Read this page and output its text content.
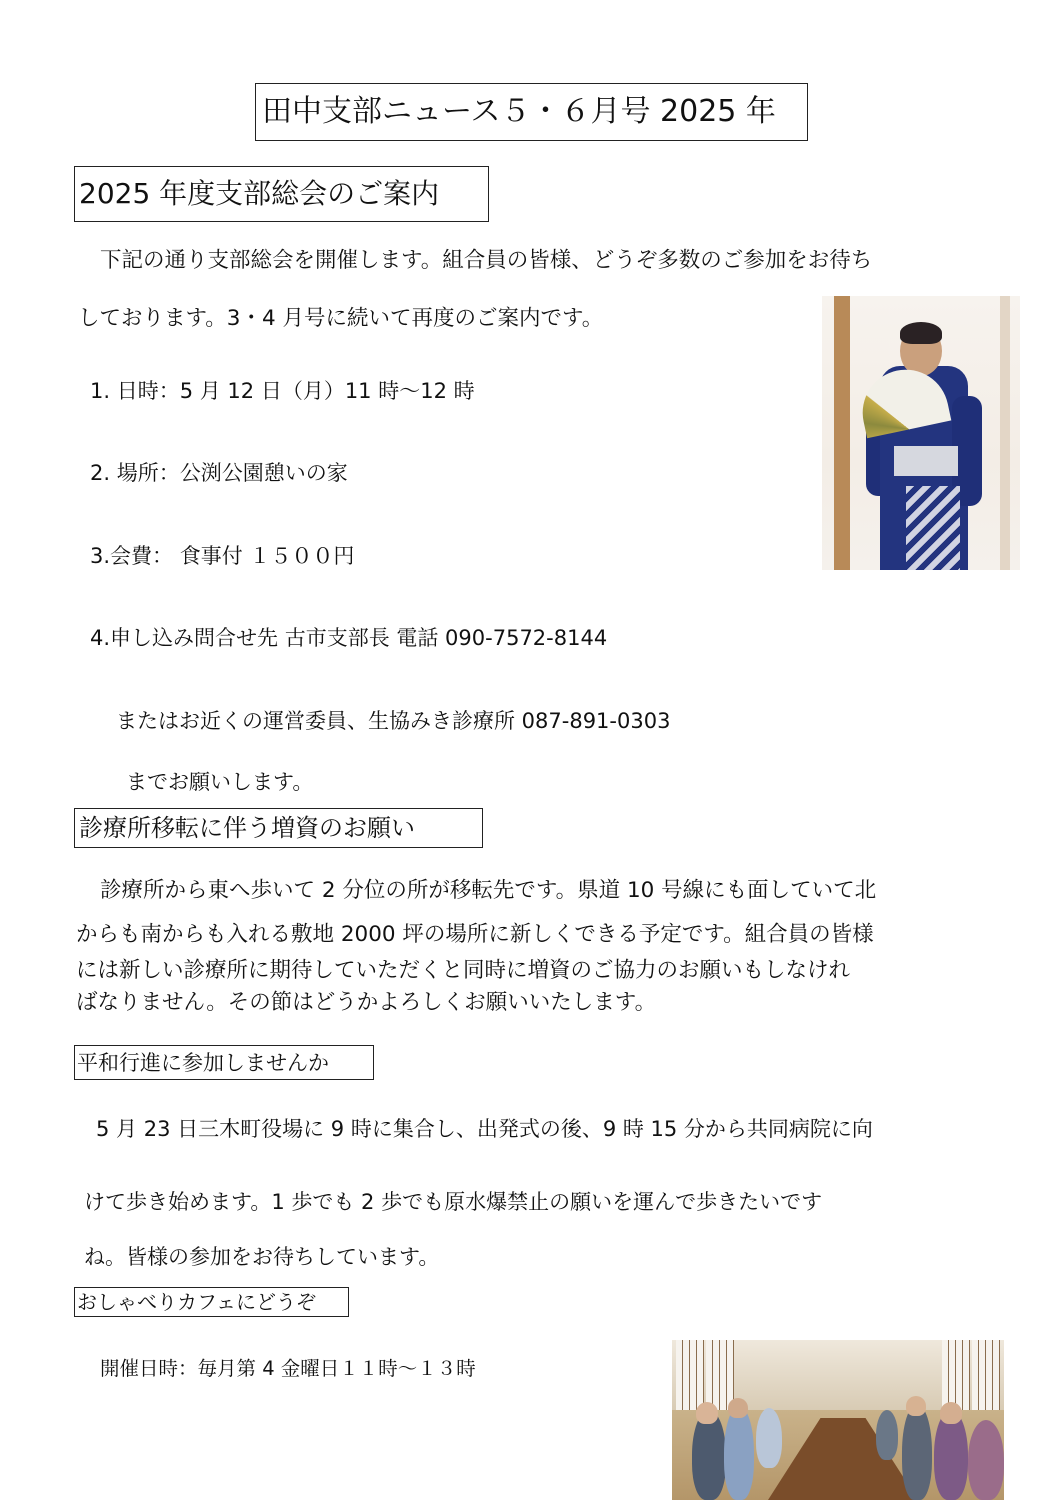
田中支部ニュース５・６月号 2025 年
2025 年度支部総会のご案内
下記の通り支部総会を開催します。組合員の皆様、どうぞ多数のご参加をお待ち
しております。3・4 月号に続いて再度のご案内です。
1. 日時：5 月 12 日（月）11 時～12 時
2. 場所：公渕公園憩いの家
3.会費： 食事付 １５００円
4.申し込み問合せ先 古市支部長 電話 090-7572-8144
またはお近くの運営委員、生協みき診療所 087-891-0303
までお願いします。
診療所移転に伴う増資のお願い
診療所から東へ歩いて 2 分位の所が移転先です。県道 10 号線にも面していて北
からも南からも入れる敷地 2000 坪の場所に新しくできる予定です。組合員の皆様
には新しい診療所に期待していただくと同時に増資のご協力のお願いもしなけれ
ばなりません。その節はどうかよろしくお願いいたします。
平和行進に参加しませんか
5 月 23 日三木町役場に 9 時に集合し、出発式の後、9 時 15 分から共同病院に向
けて歩き始めます。1 歩でも 2 歩でも原水爆禁止の願いを運んで歩きたいです
ね。皆様の参加をお待ちしています。
おしゃべりカフェにどうぞ
開催日時：毎月第 4 金曜日１１時～１３時
